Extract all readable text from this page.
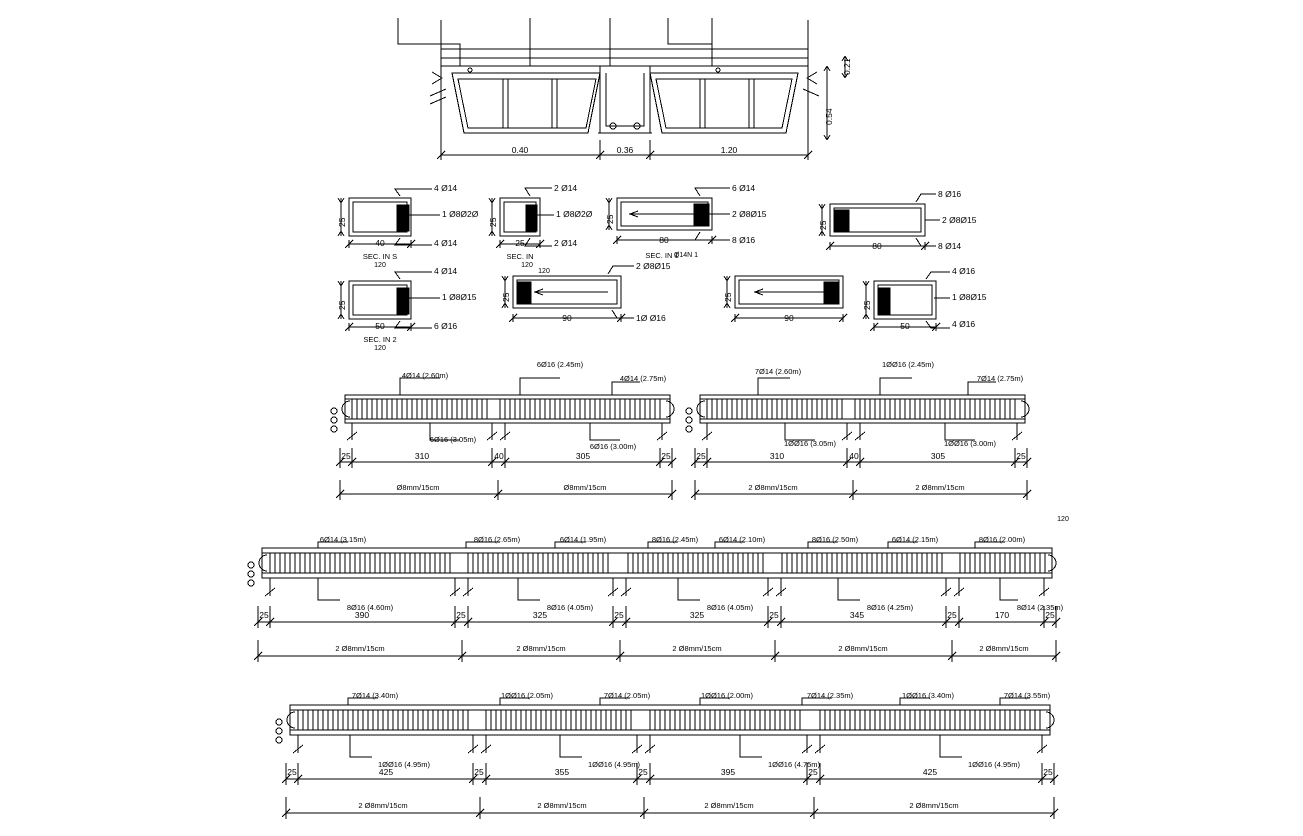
0.40	0.36	1.20
0.54
0.21
4 Ø14
1 Ø8Ø2Ø
4 Ø14
40
25
SEC. IN S
120
2 Ø14
1 Ø8Ø2Ø
2 Ø14
25
25
SEC. IN
120
6 Ø14
2 Ø8Ø15
8 Ø16
80
25
SEC. IN 1
Ø14N 1
8 Ø16
2 Ø8Ø15
8 Ø14
80
25
4 Ø14
1 Ø8Ø15
6 Ø16
50
25
SEC. IN 2
120
2 Ø8Ø15
1Ø Ø16
90
25
120
90
25
4 Ø16
1 Ø8Ø15
4 Ø16
50
25
4Ø14 (2.60m)
6Ø16 (2.45m)
4Ø14 (2.75m)
6Ø16 (3.05m)
6Ø16 (3.00m)
25	310	40	305	25
Ø8mm/15cm	Ø8mm/15cm
7Ø14 (2.60m)
1ØØ16 (2.45m)
7Ø14 (2.75m)
1ØØ16 (3.05m)	1ØØ16 (3.00m)
25	310	40	305	25
2 Ø8mm/15cm	2 Ø8mm/15cm
120
6Ø14 (3.15m)	8Ø16 (2.65m)	6Ø14 (1.95m)	8Ø16 (2.45m)	6Ø14 (2.10m)	8Ø16 (2.50m)	6Ø14 (2.15m)	8Ø16 (2.00m)
8Ø16 (4.60m)	8Ø16 (4.05m)	8Ø16 (4.05m)	8Ø16 (4.25m)	8Ø14 (2.35m)
25	390	25	325	25	325	25	345	25	170	25
2 Ø8mm/15cm	2 Ø8mm/15cm	2 Ø8mm/15cm	2 Ø8mm/15cm	2 Ø8mm/15cm
7Ø14 (3.40m)	1ØØ16 (2.05m)	7Ø14 (2.05m)	1ØØ16 (2.00m)	7Ø14 (2.35m)	1ØØ16 (3.40m)	7Ø14 (3.55m)
1ØØ16 (4.95m)	1ØØ16 (4.95m)	1ØØ16 (4.75m)	1ØØ16 (4.95m)
25	425	25	355	25	395	25	425	25
2 Ø8mm/15cm	2 Ø8mm/15cm	2 Ø8mm/15cm	2 Ø8mm/15cm
